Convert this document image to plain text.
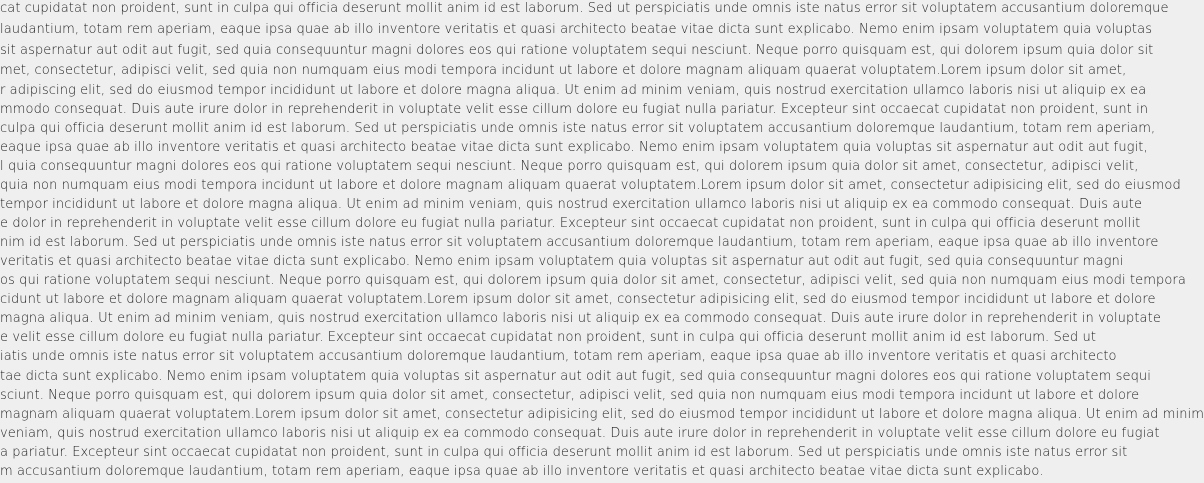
cat cupidatat non proident, sunt in culpa qui officia deserunt mollit anim id est laborum. Sed ut perspiciatis unde omnis iste natus error sit voluptatem accusantium doloremque
laudantium, totam rem aperiam, eaque ipsa quae ab illo inventore veritatis et quasi architecto beatae vitae dicta sunt explicabo. Nemo enim ipsam voluptatem quia voluptas
sit aspernatur aut odit aut fugit, sed quia consequuntur magni dolores eos qui ratione voluptatem sequi nesciunt. Neque porro quisquam est, qui dolorem ipsum quia dolor sit
met, consectetur, adipisci velit, sed quia non numquam eius modi tempora incidunt ut labore et dolore magnam aliquam quaerat voluptatem.Lorem ipsum dolor sit amet,
r adipiscing elit, sed do eiusmod tempor incididunt ut labore et dolore magna aliqua. Ut enim ad minim veniam, quis nostrud exercitation ullamco laboris nisi ut aliquip ex ea
mmodo consequat. Duis aute irure dolor in reprehenderit in voluptate velit esse cillum dolore eu fugiat nulla pariatur. Excepteur sint occaecat cupidatat non proident, sunt in
culpa qui officia deserunt mollit anim id est laborum. Sed ut perspiciatis unde omnis iste natus error sit voluptatem accusantium doloremque laudantium, totam rem aperiam,
eaque ipsa quae ab illo inventore veritatis et quasi architecto beatae vitae dicta sunt explicabo. Nemo enim ipsam voluptatem quia voluptas sit aspernatur aut odit aut fugit,
l quia consequuntur magni dolores eos qui ratione voluptatem sequi nesciunt. Neque porro quisquam est, qui dolorem ipsum quia dolor sit amet, consectetur, adipisci velit,
quia non numquam eius modi tempora incidunt ut labore et dolore magnam aliquam quaerat voluptatem.Lorem ipsum dolor sit amet, consectetur adipisicing elit, sed do eiusmod
tempor incididunt ut labore et dolore magna aliqua. Ut enim ad minim veniam, quis nostrud exercitation ullamco laboris nisi ut aliquip ex ea commodo consequat. Duis aute
e dolor in reprehenderit in voluptate velit esse cillum dolore eu fugiat nulla pariatur. Excepteur sint occaecat cupidatat non proident, sunt in culpa qui officia deserunt mollit
nim id est laborum. Sed ut perspiciatis unde omnis iste natus error sit voluptatem accusantium doloremque laudantium, totam rem aperiam, eaque ipsa quae ab illo inventore
veritatis et quasi architecto beatae vitae dicta sunt explicabo. Nemo enim ipsam voluptatem quia voluptas sit aspernatur aut odit aut fugit, sed quia consequuntur magni
os qui ratione voluptatem sequi nesciunt. Neque porro quisquam est, qui dolorem ipsum quia dolor sit amet, consectetur, adipisci velit, sed quia non numquam eius modi tempora
cidunt ut labore et dolore magnam aliquam quaerat voluptatem.Lorem ipsum dolor sit amet, consectetur adipisicing elit, sed do eiusmod tempor incididunt ut labore et dolore
magna aliqua. Ut enim ad minim veniam, quis nostrud exercitation ullamco laboris nisi ut aliquip ex ea commodo consequat. Duis aute irure dolor in reprehenderit in voluptate
e velit esse cillum dolore eu fugiat nulla pariatur. Excepteur sint occaecat cupidatat non proident, sunt in culpa qui officia deserunt mollit anim id est laborum. Sed ut
iatis unde omnis iste natus error sit voluptatem accusantium doloremque laudantium, totam rem aperiam, eaque ipsa quae ab illo inventore veritatis et quasi architecto
tae dicta sunt explicabo. Nemo enim ipsam voluptatem quia voluptas sit aspernatur aut odit aut fugit, sed quia consequuntur magni dolores eos qui ratione voluptatem sequi
sciunt. Neque porro quisquam est, qui dolorem ipsum quia dolor sit amet, consectetur, adipisci velit, sed quia non numquam eius modi tempora incidunt ut labore et dolore
magnam aliquam quaerat voluptatem.Lorem ipsum dolor sit amet, consectetur adipisicing elit, sed do eiusmod tempor incididunt ut labore et dolore magna aliqua. Ut enim ad minim
veniam, quis nostrud exercitation ullamco laboris nisi ut aliquip ex ea commodo consequat. Duis aute irure dolor in reprehenderit in voluptate velit esse cillum dolore eu fugiat
a pariatur. Excepteur sint occaecat cupidatat non proident, sunt in culpa qui officia deserunt mollit anim id est laborum. Sed ut perspiciatis unde omnis iste natus error sit
m accusantium doloremque laudantium, totam rem aperiam, eaque ipsa quae ab illo inventore veritatis et quasi architecto beatae vitae dicta sunt explicabo.
